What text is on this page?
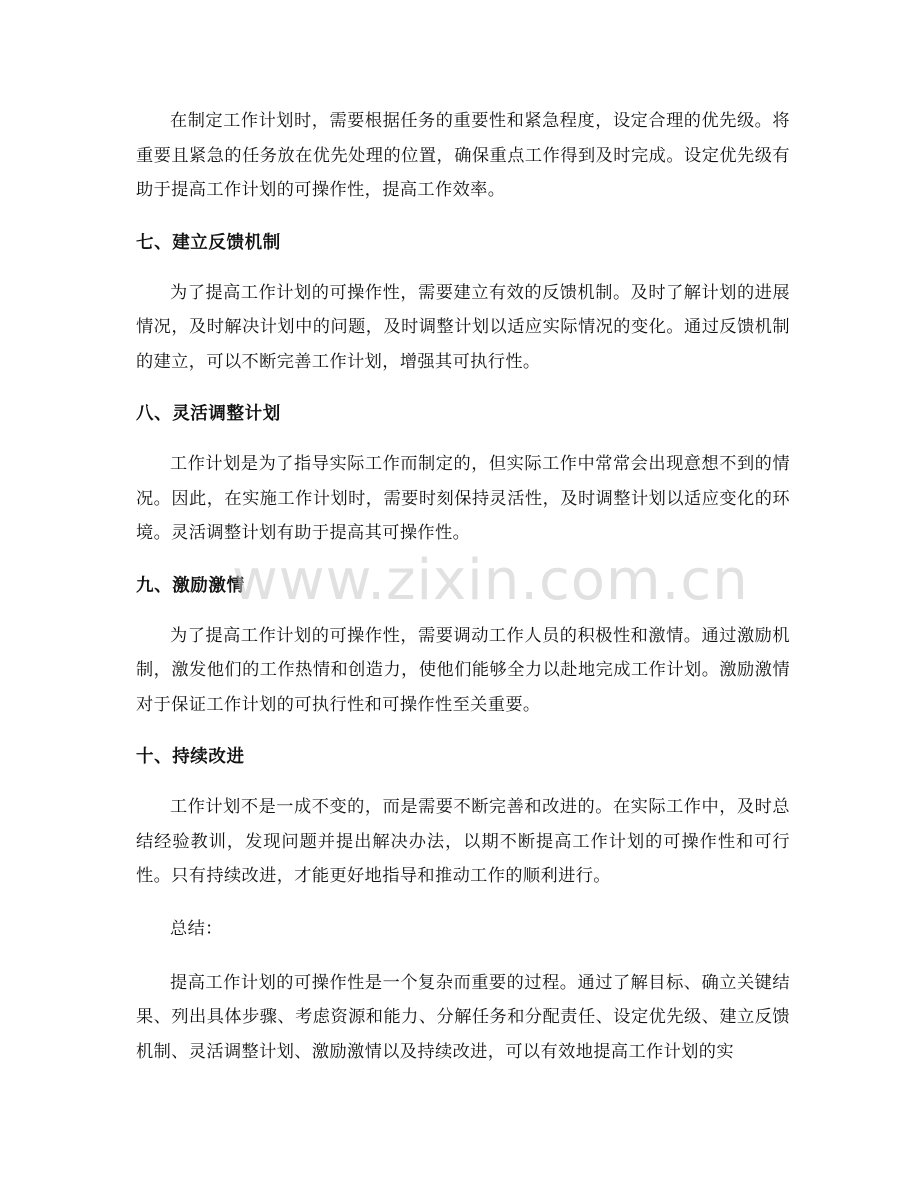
在制定工作计划时，需要根据任务的重要性和紧急程度，设定合理的优先级。将重要且紧急的任务放在优先处理的位置，确保重点工作得到及时完成。设定优先级有助于提高工作计划的可操作性，提高工作效率。

七、建立反馈机制

为了提高工作计划的可操作性，需要建立有效的反馈机制。及时了解计划的进展情况，及时解决计划中的问题，及时调整计划以适应实际情况的变化。通过反馈机制的建立，可以不断完善工作计划，增强其可执行性。

八、灵活调整计划

工作计划是为了指导实际工作而制定的，但实际工作中常常会出现意想不到的情况。因此，在实施工作计划时，需要时刻保持灵活性，及时调整计划以适应变化的环境。灵活调整计划有助于提高其可操作性。

九、激励激情

为了提高工作计划的可操作性，需要调动工作人员的积极性和激情。通过激励机制，激发他们的工作热情和创造力，使他们能够全力以赴地完成工作计划。激励激情对于保证工作计划的可执行性和可操作性至关重要。

十、持续改进

工作计划不是一成不变的，而是需要不断完善和改进的。在实际工作中，及时总结经验教训，发现问题并提出解决办法，以期不断提高工作计划的可操作性和可行性。只有持续改进，才能更好地指导和推动工作的顺利进行。

总结：

提高工作计划的可操作性是一个复杂而重要的过程。通过了解目标、确立关键结果、列出具体步骤、考虑资源和能力、分解任务和分配责任、设定优先级、建立反馈机制、灵活调整计划、激励激情以及持续改进，可以有效地提高工作计划的实

www.zixin.com.cn
